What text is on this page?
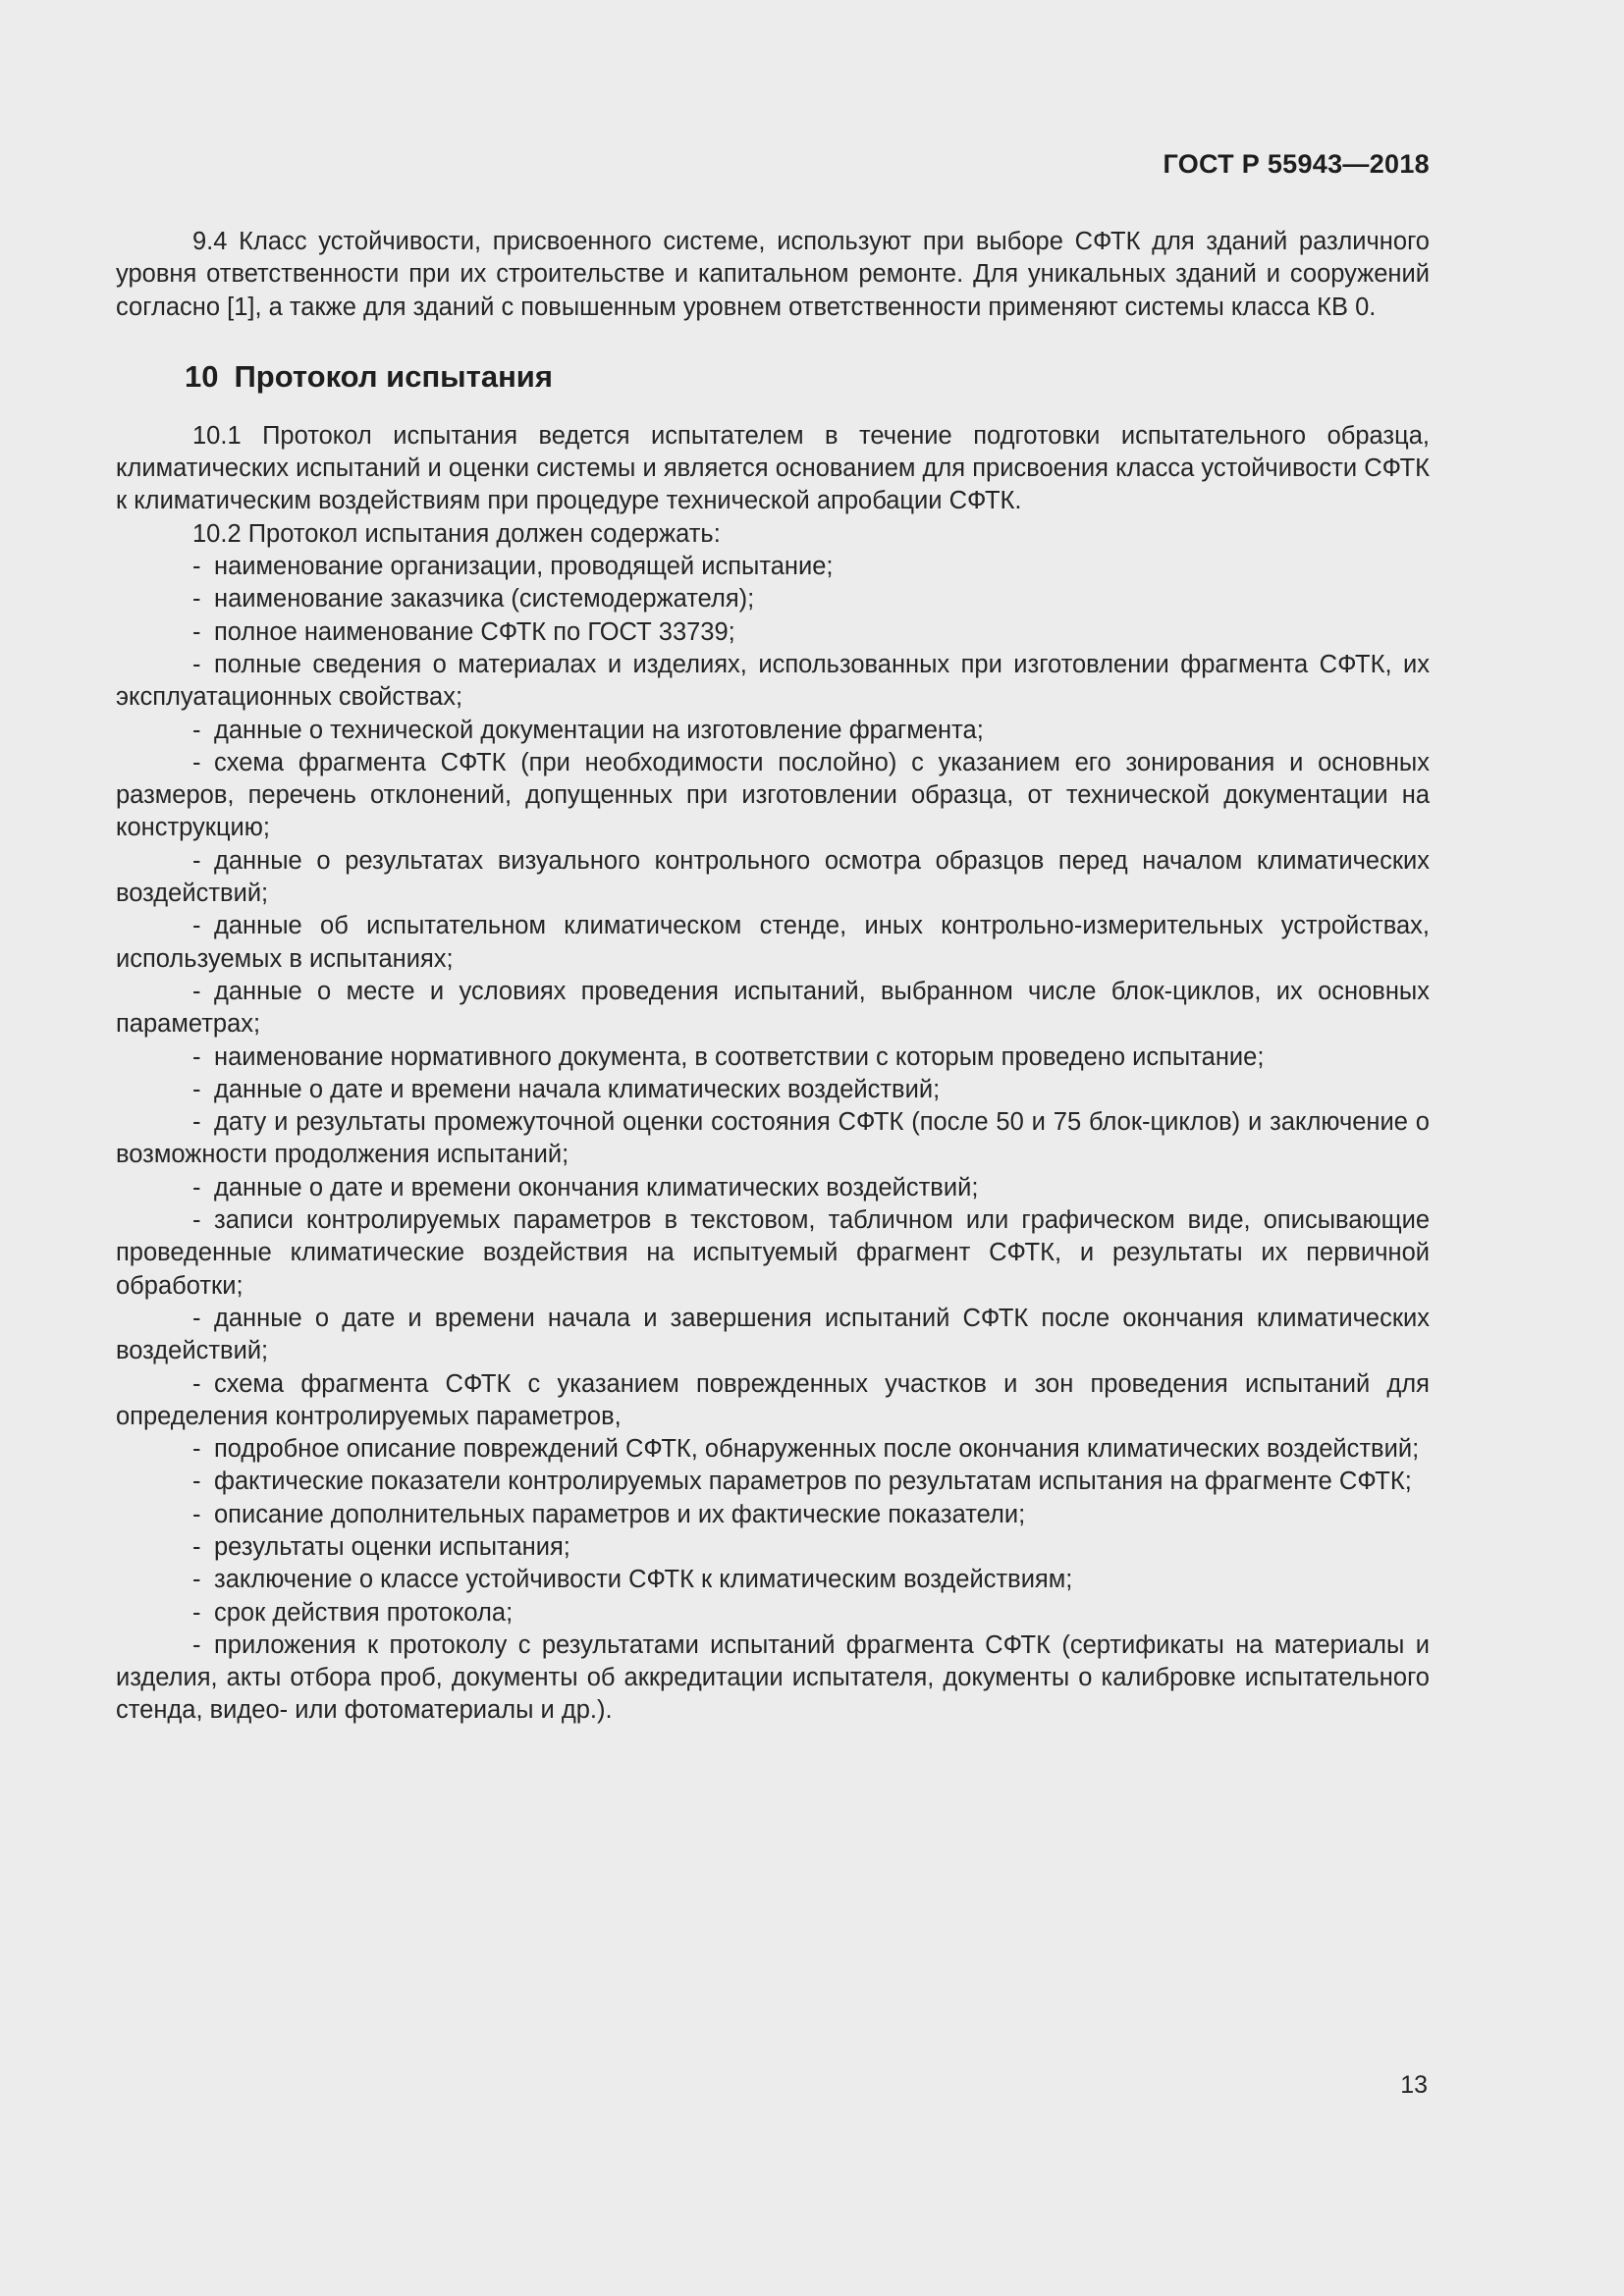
ГОСТ Р 55943—2018

9.4 Класс устойчивости, присвоенного системе, используют при выборе СФТК для зданий различного уровня ответственности при их строительстве и капитальном ремонте. Для уникальных зданий и сооружений согласно [1], а также для зданий с повышенным уровнем ответственности применяют системы класса КВ 0.

10 Протокол испытания

10.1 Протокол испытания ведется испытателем в течение подготовки испытательного образца, климатических испытаний и оценки системы и является основанием для присвоения класса устойчивости СФТК к климатическим воздействиям при процедуре технической апробации СФТК.

10.2 Протокол испытания должен содержать:

- наименование организации, проводящей испытание;

- наименование заказчика (системодержателя);

- полное наименование СФТК по ГОСТ 33739;

- полные сведения о материалах и изделиях, использованных при изготовлении фрагмента СФТК, их эксплуатационных свойствах;

- данные о технической документации на изготовление фрагмента;

- схема фрагмента СФТК (при необходимости послойно) с указанием его зонирования и основных размеров, перечень отклонений, допущенных при изготовлении образца, от технической документации на конструкцию;

- данные о результатах визуального контрольного осмотра образцов перед началом климатических воздействий;

- данные об испытательном климатическом стенде, иных контрольно-измерительных устройствах, используемых в испытаниях;

- данные о месте и условиях проведения испытаний, выбранном числе блок-циклов, их основных параметрах;

- наименование нормативного документа, в соответствии с которым проведено испытание;

- данные о дате и времени начала климатических воздействий;

- дату и результаты промежуточной оценки состояния СФТК (после 50 и 75 блок-циклов) и заключение о возможности продолжения испытаний;

- данные о дате и времени окончания климатических воздействий;

- записи контролируемых параметров в текстовом, табличном или графическом виде, описывающие проведенные климатические воздействия на испытуемый фрагмент СФТК, и результаты их первичной обработки;

- данные о дате и времени начала и завершения испытаний СФТК после окончания климатических воздействий;

- схема фрагмента СФТК с указанием поврежденных участков и зон проведения испытаний для определения контролируемых параметров,

- подробное описание повреждений СФТК, обнаруженных после окончания климатических воздействий;

- фактические показатели контролируемых параметров по результатам испытания на фрагменте СФТК;

- описание дополнительных параметров и их фактические показатели;

- результаты оценки испытания;

- заключение о классе устойчивости СФТК к климатическим воздействиям;

- срок действия протокола;

- приложения к протоколу с результатами испытаний фрагмента СФТК (сертификаты на материалы и изделия, акты отбора проб, документы об аккредитации испытателя, документы о калибровке испытательного стенда, видео- или фотоматериалы и др.).

13
